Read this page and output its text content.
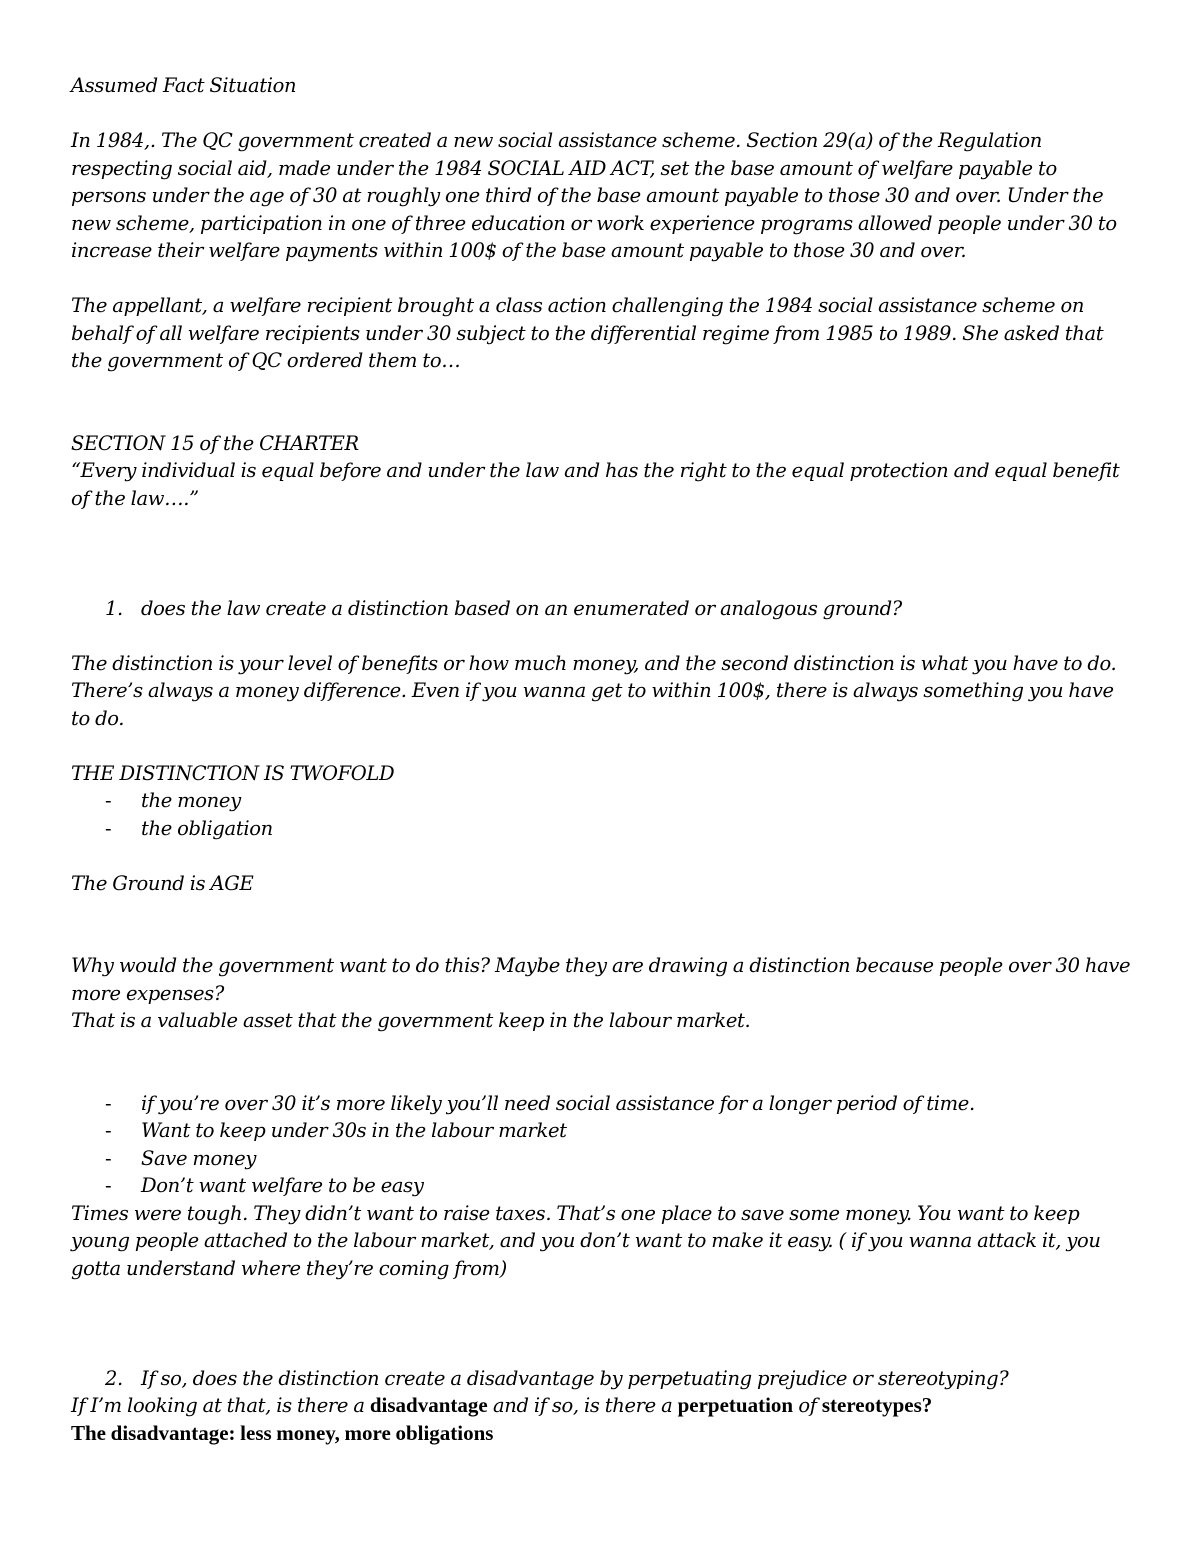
Assumed Fact Situation

In 1984,. The QC government created a new social assistance scheme. Section 29(a) of the Regulation respecting social aid, made under the 1984 SOCIAL AID ACT, set the base amount of welfare payable to persons under the age of 30 at roughly one third of the base amount payable to those 30 and over. Under the new scheme, participation in one of three education or work experience programs allowed people under 30 to increase their welfare payments within 100$ of the base amount payable to those 30 and over.

The appellant, a welfare recipient brought a class action challenging the 1984 social assistance scheme on behalf of all welfare recipients under 30 subject to the differential regime from 1985 to 1989. She asked that the government of QC ordered them to…

SECTION 15 of the CHARTER

“Every individual is equal before and under the law and has the right to the equal protection and equal benefit of the law….”

1. does the law create a distinction based on an enumerated or analogous ground?

The distinction is your level of benefits or how much money, and the second distinction is what you have to do. There’s always a money difference. Even if you wanna get to within 100$, there is always something you have to do.

THE DISTINCTION IS TWOFOLD

- the money
- the obligation

The Ground is AGE

Why would the government want to do this? Maybe they are drawing a distinction because people over 30 have more expenses?

That is a valuable asset that the government keep in the labour market.

- if you’re over 30 it’s more likely you’ll need social assistance for a longer period of time.
- Want to keep under 30s in the labour market
- Save money
- Don’t want welfare to be easy

Times were tough. They didn’t want to raise taxes. That’s one place to save some money. You want to keep young people attached to the labour market, and you don’t want to make it easy. ( if you wanna attack it, you gotta understand where they’re coming from)

2. If so, does the distinction create a disadvantage by perpetuating prejudice or stereotyping?

If I’m looking at that, is there a disadvantage and if so, is there a perpetuation of stereotypes?

The disadvantage: less money, more obligations
